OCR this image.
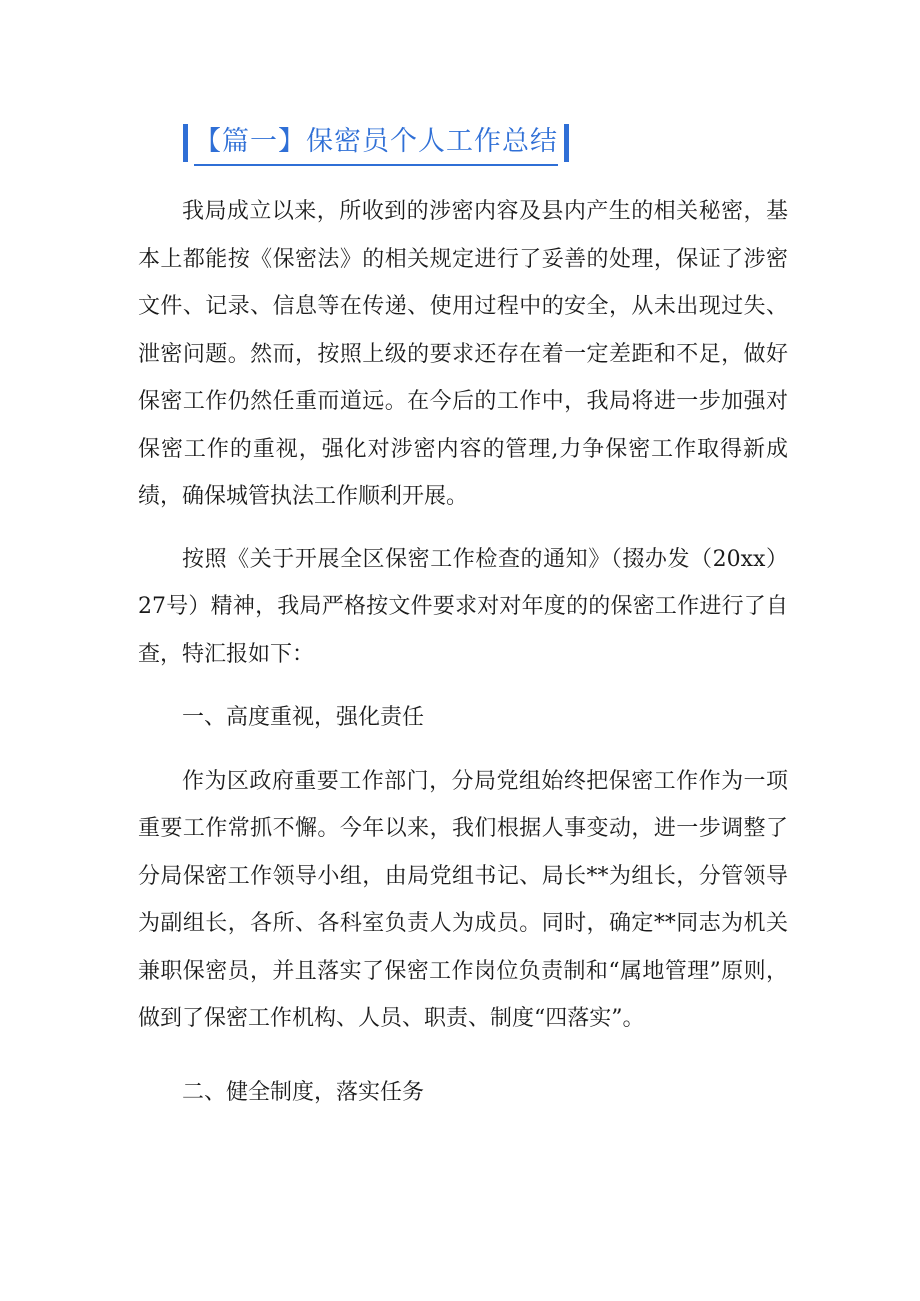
【篇一】保密员个人工作总结

我局成立以来，所收到的涉密内容及县内产生的相关秘密，基本上都能按《保密法》的相关规定进行了妥善的处理，保证了涉密文件、记录、信息等在传递、使用过程中的安全，从未出现过失、泄密问题。然而，按照上级的要求还存在着一定差距和不足，做好保密工作仍然任重而道远。在今后的工作中，我局将进一步加强对保密工作的重视，强化对涉密内容的管理,力争保密工作取得新成绩，确保城管执法工作顺利开展。

按照《关于开展全区保密工作检查的通知》（掇办发（20xx）27号）精神，我局严格按文件要求对对年度的的保密工作进行了自查，特汇报如下：

一、高度重视，强化责任

作为区政府重要工作部门，分局党组始终把保密工作作为一项重要工作常抓不懈。今年以来，我们根据人事变动，进一步调整了分局保密工作领导小组，由局党组书记、局长**为组长，分管领导为副组长，各所、各科室负责人为成员。同时，确定**同志为机关兼职保密员，并且落实了保密工作岗位负责制和“属地管理”原则，做到了保密工作机构、人员、职责、制度“四落实”。

二、健全制度，落实任务
